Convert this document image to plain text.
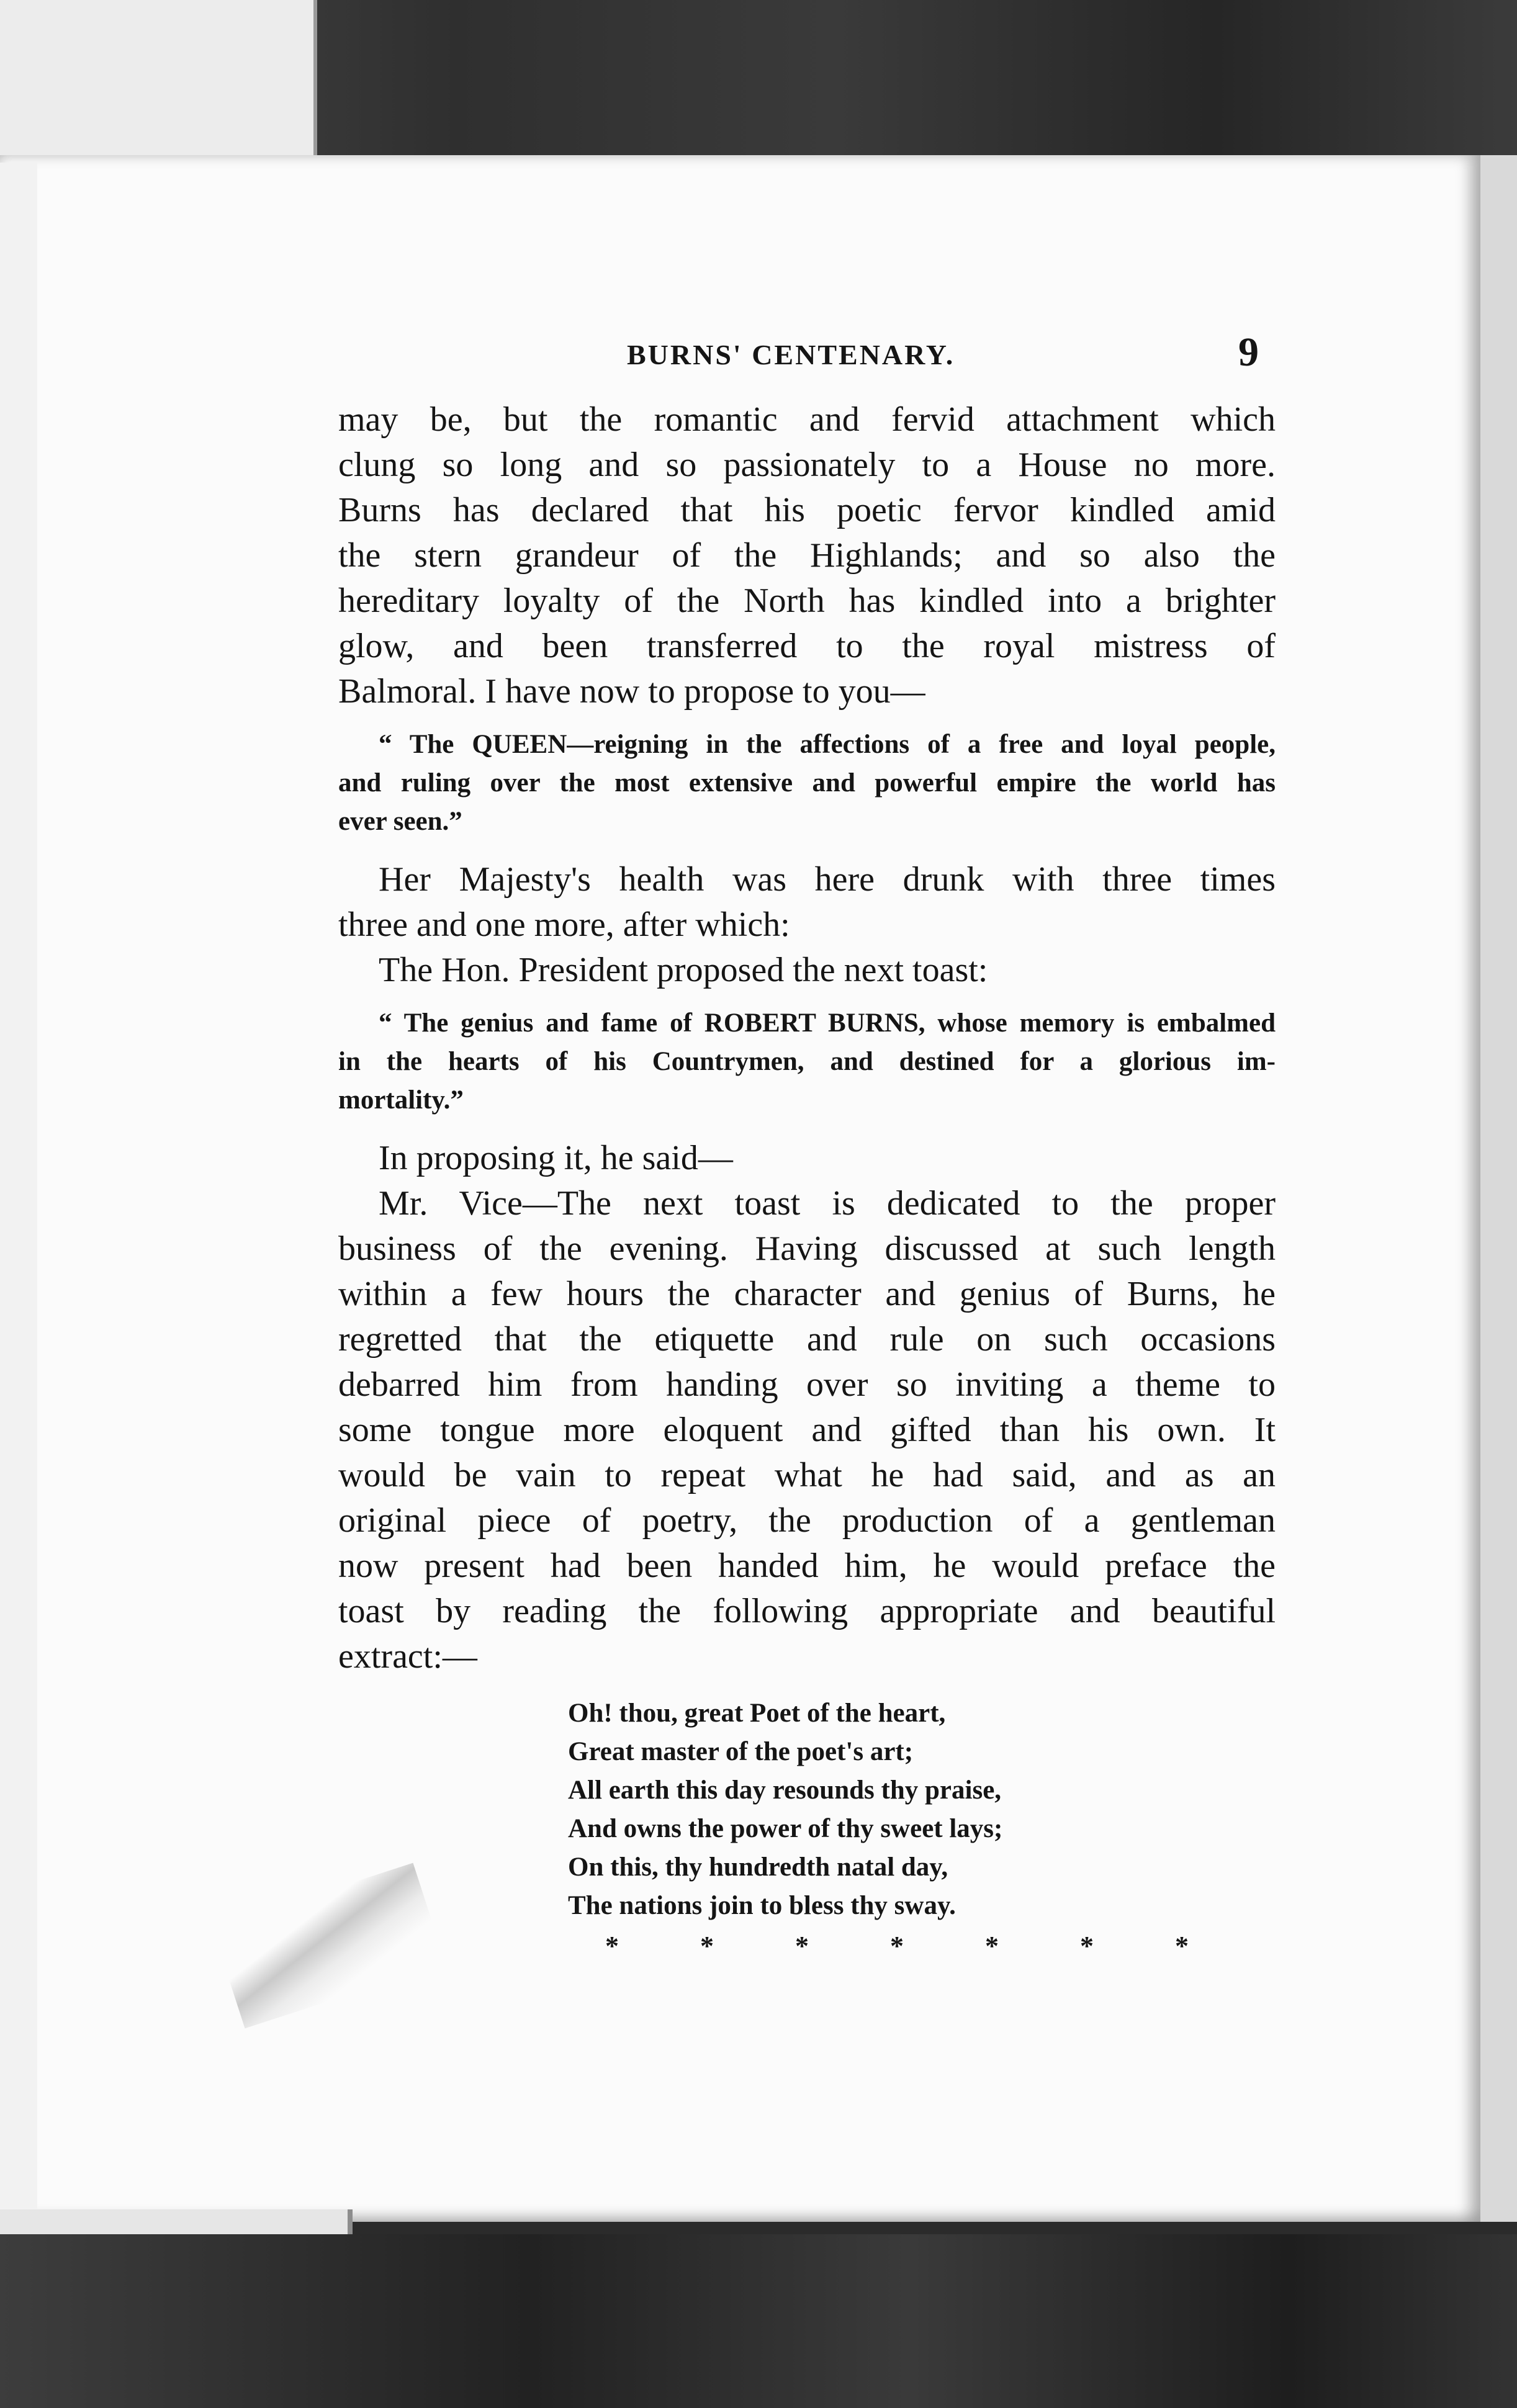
BURNS' CENTENARY.	9
may be, but the romantic and fervid attachment which
clung so long and so passionately to a House no more.
Burns has declared that his poetic fervor kindled amid
the stern grandeur of the Highlands; and so also the
hereditary loyalty of the North has kindled into a brighter
glow, and been transferred to the royal mistress of
Balmoral. I have now to propose to you—
“ The QUEEN—reigning in the affections of a free and loyal people,
and ruling over the most extensive and powerful empire the world has
ever seen.”
Her Majesty's health was here drunk with three times
three and one more, after which:
The Hon. President proposed the next toast:
“ The genius and fame of ROBERT BURNS, whose memory is embalmed
in the hearts of his Countrymen, and destined for a glorious im-
mortality.”
In proposing it, he said—
Mr. Vice—The next toast is dedicated to the proper
business of the evening. Having discussed at such length
within a few hours the character and genius of Burns, he
regretted that the etiquette and rule on such occasions
debarred him from handing over so inviting a theme to
some tongue more eloquent and gifted than his own. It
would be vain to repeat what he had said, and as an
original piece of poetry, the production of a gentleman
now present had been handed him, he would preface the
toast by reading the following appropriate and beautiful
extract:—
Oh! thou, great Poet of the heart,
Great master of the poet's art;
All earth this day resounds thy praise,
And owns the power of thy sweet lays;
On this, thy hundredth natal day,
The nations join to bless thy sway.
* * * * * * *
